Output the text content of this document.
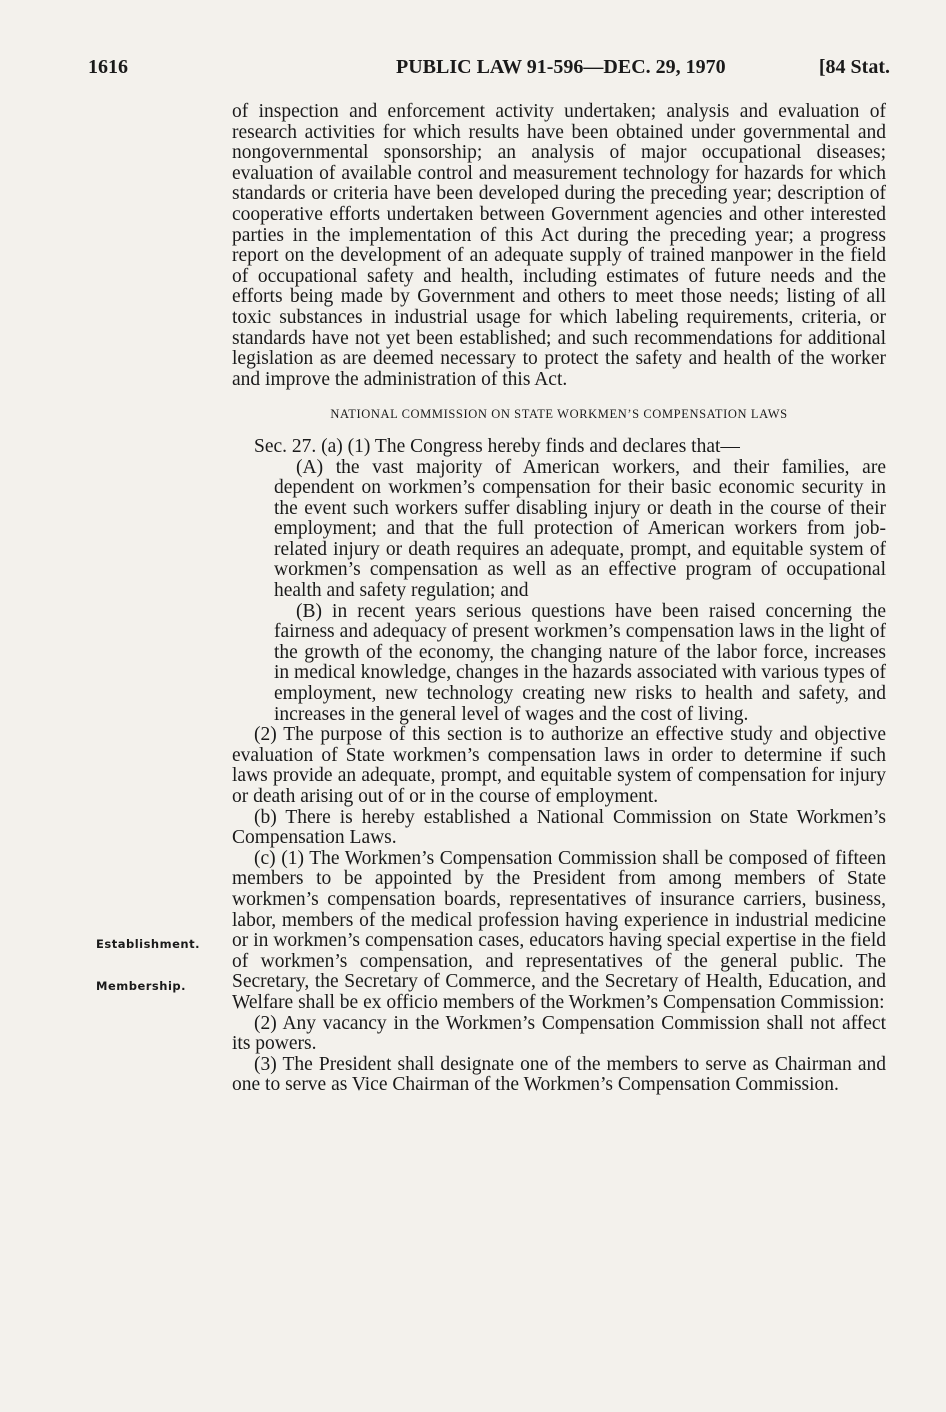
1616	PUBLIC LAW 91-596—DEC. 29, 1970	[84 Stat.

of inspection and enforcement activity undertaken; analysis and evaluation of research activities for which results have been obtained under governmental and nongovernmental sponsorship; an analysis of major occupational diseases; evaluation of available control and measurement technology for hazards for which standards or criteria have been developed during the preceding year; description of cooperative efforts undertaken between Government agencies and other interested parties in the implementation of this Act during the preceding year; a progress report on the development of an adequate supply of trained manpower in the field of occupational safety and health, including estimates of future needs and the efforts being made by Government and others to meet those needs; listing of all toxic substances in industrial usage for which labeling requirements, criteria, or standards have not yet been established; and such recommendations for additional legislation as are deemed necessary to protect the safety and health of the worker and improve the administration of this Act.

NATIONAL COMMISSION ON STATE WORKMEN’S COMPENSATION LAWS

Sec. 27. (a) (1) The Congress hereby finds and declares that—

(A) the vast majority of American workers, and their families, are dependent on workmen’s compensation for their basic economic security in the event such workers suffer disabling injury or death in the course of their employment; and that the full protection of American workers from job-related injury or death requires an adequate, prompt, and equitable system of workmen’s compensation as well as an effective program of occupational health and safety regulation; and

(B) in recent years serious questions have been raised concerning the fairness and adequacy of present workmen’s compensation laws in the light of the growth of the economy, the changing nature of the labor force, increases in medical knowledge, changes in the hazards associated with various types of employment, new technology creating new risks to health and safety, and increases in the general level of wages and the cost of living.

(2) The purpose of this section is to authorize an effective study and objective evaluation of State workmen’s compensation laws in order to determine if such laws provide an adequate, prompt, and equitable system of compensation for injury or death arising out of or in the course of employment.

(b) There is hereby established a National Commission on State Workmen’s Compensation Laws.

(c) (1) The Workmen’s Compensation Commission shall be composed of fifteen members to be appointed by the President from among members of State workmen’s compensation boards, representatives of insurance carriers, business, labor, members of the medical profession having experience in industrial medicine or in workmen’s compensation cases, educators having special expertise in the field of workmen’s compensation, and representatives of the general public. The Secretary, the Secretary of Commerce, and the Secretary of Health, Education, and Welfare shall be ex officio members of the Workmen’s Compensation Commission:

(2) Any vacancy in the Workmen’s Compensation Commission shall not affect its powers.

(3) The President shall designate one of the members to serve as Chairman and one to serve as Vice Chairman of the Workmen’s Compensation Commission.

Establishment.
Membership.
